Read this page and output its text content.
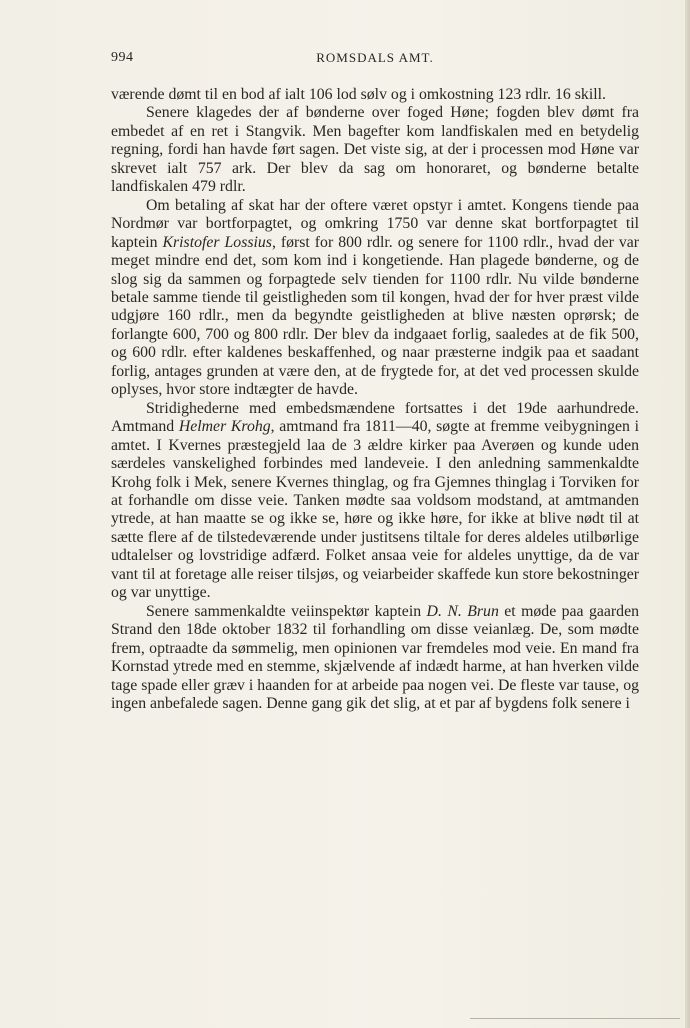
994	ROMSDALS AMT.

værende dømt til en bod af ialt 106 lod sølv og i omkostning 123 rdlr. 16 skill.

Senere klagedes der af bønderne over foged Høne; fogden blev dømt fra embedet af en ret i Stangvik. Men bagefter kom landfiskalen med en betydelig regning, fordi han havde ført sagen. Det viste sig, at der i processen mod Høne var skrevet ialt 757 ark. Der blev da sag om honoraret, og bønderne betalte landfiskalen 479 rdlr.

Om betaling af skat har der oftere været opstyr i amtet. Kongens tiende paa Nordmør var bortforpagtet, og omkring 1750 var denne skat bortforpagtet til kaptein Kristofer Lossius, først for 800 rdlr. og senere for 1100 rdlr., hvad der var meget mindre end det, som kom ind i kongetiende. Han plagede bønderne, og de slog sig da sammen og forpagtede selv tienden for 1100 rdlr. Nu vilde bønderne betale samme tiende til geistligheden som til kongen, hvad der for hver præst vilde udgjøre 160 rdlr., men da begyndte geistligheden at blive næsten oprørsk; de forlangte 600, 700 og 800 rdlr. Der blev da indgaaet forlig, saaledes at de fik 500, og 600 rdlr. efter kaldenes beskaffenhed, og naar præsterne indgik paa et saadant forlig, antages grunden at være den, at de frygtede for, at det ved processen skulde oplyses, hvor store indtægter de havde.

Stridighederne med embedsmændene fortsattes i det 19de aarhundrede. Amtmand Helmer Krohg, amtmand fra 1811—40, søgte at fremme veibygningen i amtet. I Kvernes præstegjeld laa de 3 ældre kirker paa Averøen og kunde uden særdeles vanskelighed forbindes med landeveie. I den anledning sammenkaldte Krohg folk i Mek, senere Kvernes thinglag, og fra Gjemnes thinglag i Torviken for at forhandle om disse veie. Tanken mødte saa voldsom modstand, at amtmanden ytrede, at han maatte se og ikke se, høre og ikke høre, for ikke at blive nødt til at sætte flere af de tilstedeværende under justitsens tiltale for deres aldeles utilbørlige udtalelser og lovstridige adfærd. Folket ansaa veie for aldeles unyttige, da de var vant til at foretage alle reiser tilsjøs, og veiarbeider skaffede kun store bekostninger og var unyttige.

Senere sammenkaldte veiinspektør kaptein D. N. Brun et møde paa gaarden Strand den 18de oktober 1832 til forhandling om disse veianlæg. De, som mødte frem, optraadte da sømmelig, men opinionen var fremdeles mod veie. En mand fra Kornstad ytrede med en stemme, skjælvende af indædt harme, at han hverken vilde tage spade eller græv i haanden for at arbeide paa nogen vei. De fleste var tause, og ingen anbefalede sagen. Denne gang gik det slig, at et par af bygdens folk senere i
